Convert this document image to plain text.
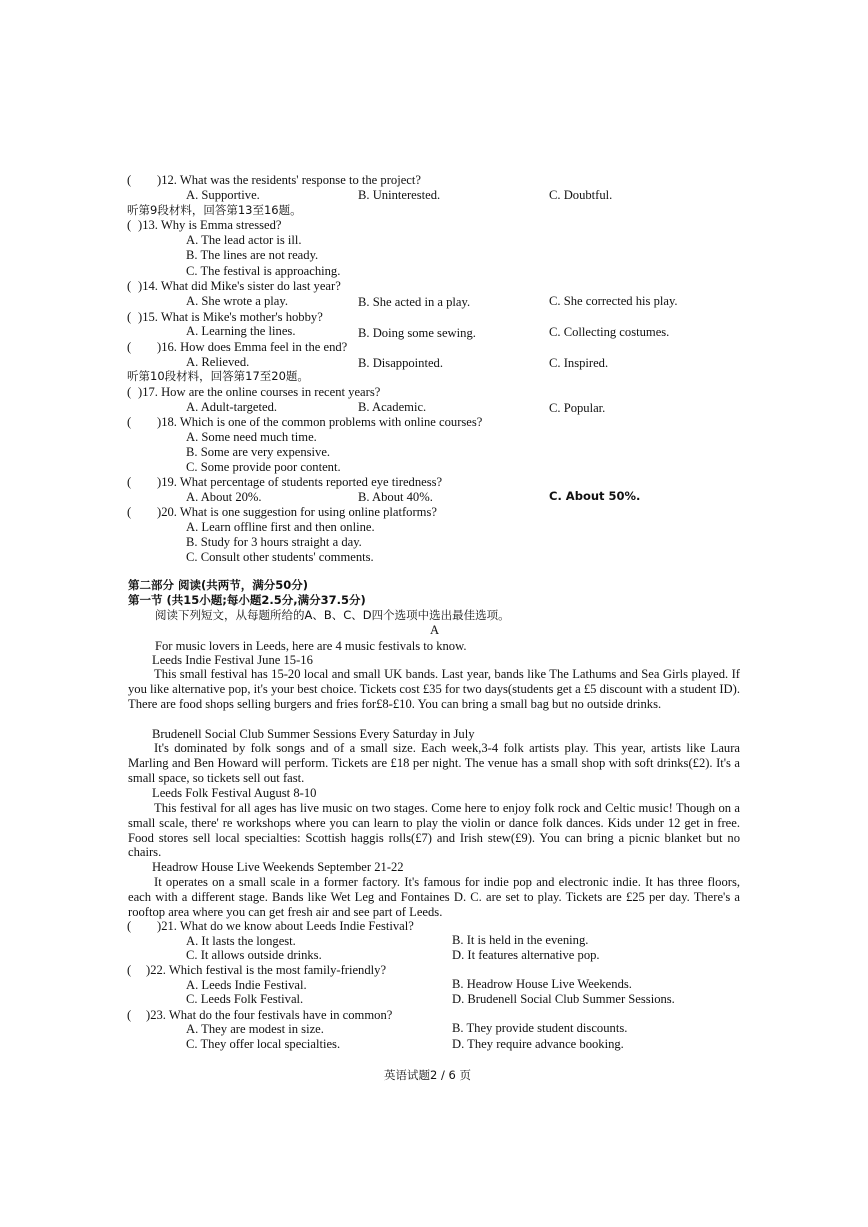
( )12. What was the residents' response to the project?
A. Supportive.	B. Uninterested.	C. Doubtful.
听第9段材料，回答第13至16题。
( )13. Why is Emma stressed?
A. The lead actor is ill.
B. The lines are not ready.
C. The festival is approaching.
( )14. What did Mike's sister do last year?
A. She wrote a play.	B. She acted in a play.	C. She corrected his play.
( )15. What is Mike's mother's hobby?
A. Learning the lines.	B. Doing some sewing.	C. Collecting costumes.
( )16. How does Emma feel in the end?
A. Relieved.	B. Disappointed.	C. Inspired.
听第10段材料，回答第17至20题。
( )17. How are the online courses in recent years?
A. Adult-targeted.	B. Academic.	C. Popular.
( )18. Which is one of the common problems with online courses?
A. Some need much time.
B. Some are very expensive.
C. Some provide poor content.
( )19. What percentage of students reported eye tiredness?
A. About 20%.	B. About 40%.	C. About 50%.
( )20. What is one suggestion for using online platforms?
A. Learn offline first and then online.
B. Study for 3 hours straight a day.
C. Consult other students' comments.
第二部分 阅读(共两节，满分50分)
第一节 (共15小题;每小题2.5分,满分37.5分)
阅读下列短文，从每题所给的A、B、C、D四个选项中选出最佳选项。
A
For music lovers in Leeds, here are 4 music festivals to know.
Leeds Indie Festival June 15-16
This small festival has 15-20 local and small UK bands. Last year, bands like The Lathums and Sea Girls played. If you like alternative pop, it's your best choice. Tickets cost £35 for two days(students get a £5 discount with a student ID). There are food shops selling burgers and fries for£8-£10. You can bring a small bag but no outside drinks.
Brudenell Social Club Summer Sessions Every Saturday in July
It's dominated by folk songs and of a small size. Each week,3-4 folk artists play. This year, artists like Laura Marling and Ben Howard will perform. Tickets are £18 per night. The venue has a small shop with soft drinks(£2). It's a small space, so tickets sell out fast.
Leeds Folk Festival August 8-10
This festival for all ages has live music on two stages. Come here to enjoy folk rock and Celtic music! Though on a small scale, there' re workshops where you can learn to play the violin or dance folk dances. Kids under 12 get in free. Food stores sell local specialties: Scottish haggis rolls(£7) and Irish stew(£9). You can bring a picnic blanket but no chairs.
Headrow House Live Weekends September 21-22
It operates on a small scale in a former factory. It's famous for indie pop and electronic indie. It has three floors, each with a different stage. Bands like Wet Leg and Fontaines D. C. are set to play. Tickets are £25 per day. There's a rooftop area where you can get fresh air and see part of Leeds.
( )21. What do we know about Leeds Indie Festival?
A. It lasts the longest.	B. It is held in the evening.
C. It allows outside drinks.	D. It features alternative pop.
( )22. Which festival is the most family-friendly?
A. Leeds Indie Festival.	B. Headrow House Live Weekends.
C. Leeds Folk Festival.	D. Brudenell Social Club Summer Sessions.
( )23. What do the four festivals have in common?
A. They are modest in size.	B. They provide student discounts.
C. They offer local specialties.	D. They require advance booking.
英语试题2 / 6 页
